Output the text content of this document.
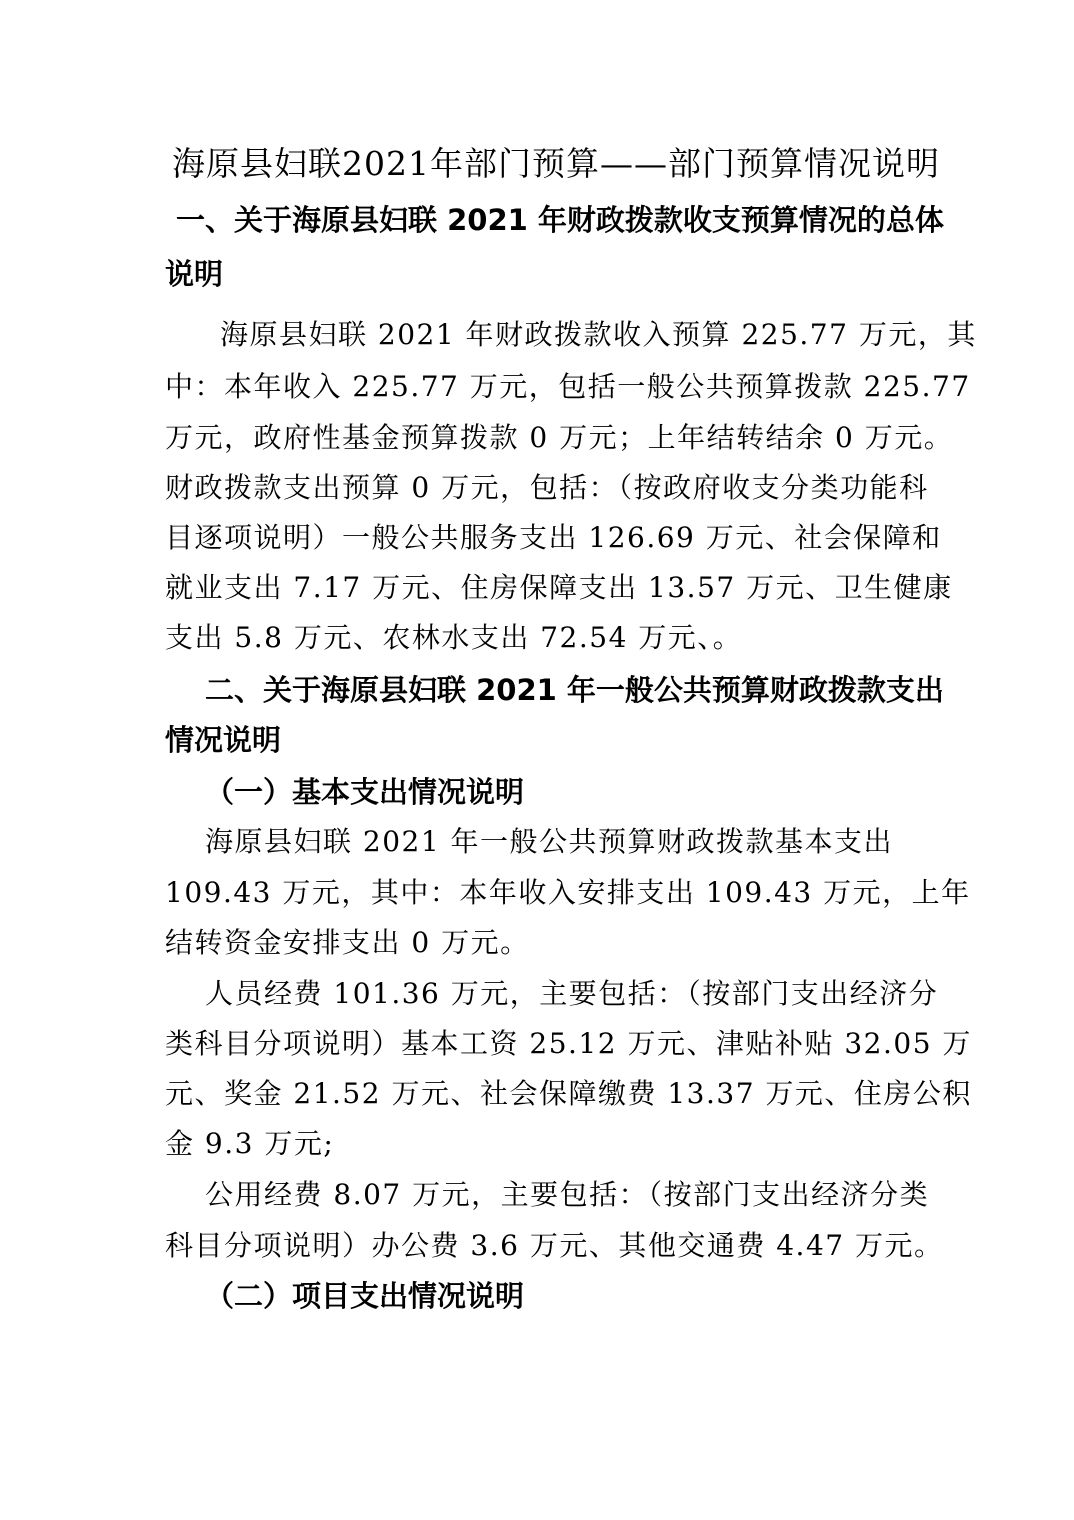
海原县妇联2021年部门预算——部门预算情况说明
一、关于海原县妇联 2021 年财政拨款收支预算情况的总体
说明
海原县妇联 2021 年财政拨款收入预算 225.77 万元，其
中：本年收入 225.77 万元，包括一般公共预算拨款 225.77
万元，政府性基金预算拨款 0 万元；上年结转结余 0 万元。
财政拨款支出预算 0 万元，包括：（按政府收支分类功能科
目逐项说明）一般公共服务支出 126.69 万元、社会保障和
就业支出 7.17 万元、住房保障支出 13.57 万元、卫生健康
支出 5.8 万元、农林水支出 72.54 万元、。
二、关于海原县妇联 2021 年一般公共预算财政拨款支出
情况说明
（一）基本支出情况说明
海原县妇联 2021 年一般公共预算财政拨款基本支出
109.43 万元，其中：本年收入安排支出 109.43 万元，上年
结转资金安排支出 0 万元。
人员经费 101.36 万元，主要包括：（按部门支出经济分
类科目分项说明）基本工资 25.12 万元、津贴补贴 32.05 万
元、奖金 21.52 万元、社会保障缴费 13.37 万元、住房公积
金 9.3 万元;
公用经费 8.07 万元，主要包括：（按部门支出经济分类
科目分项说明）办公费 3.6 万元、其他交通费 4.47 万元。
（二）项目支出情况说明
